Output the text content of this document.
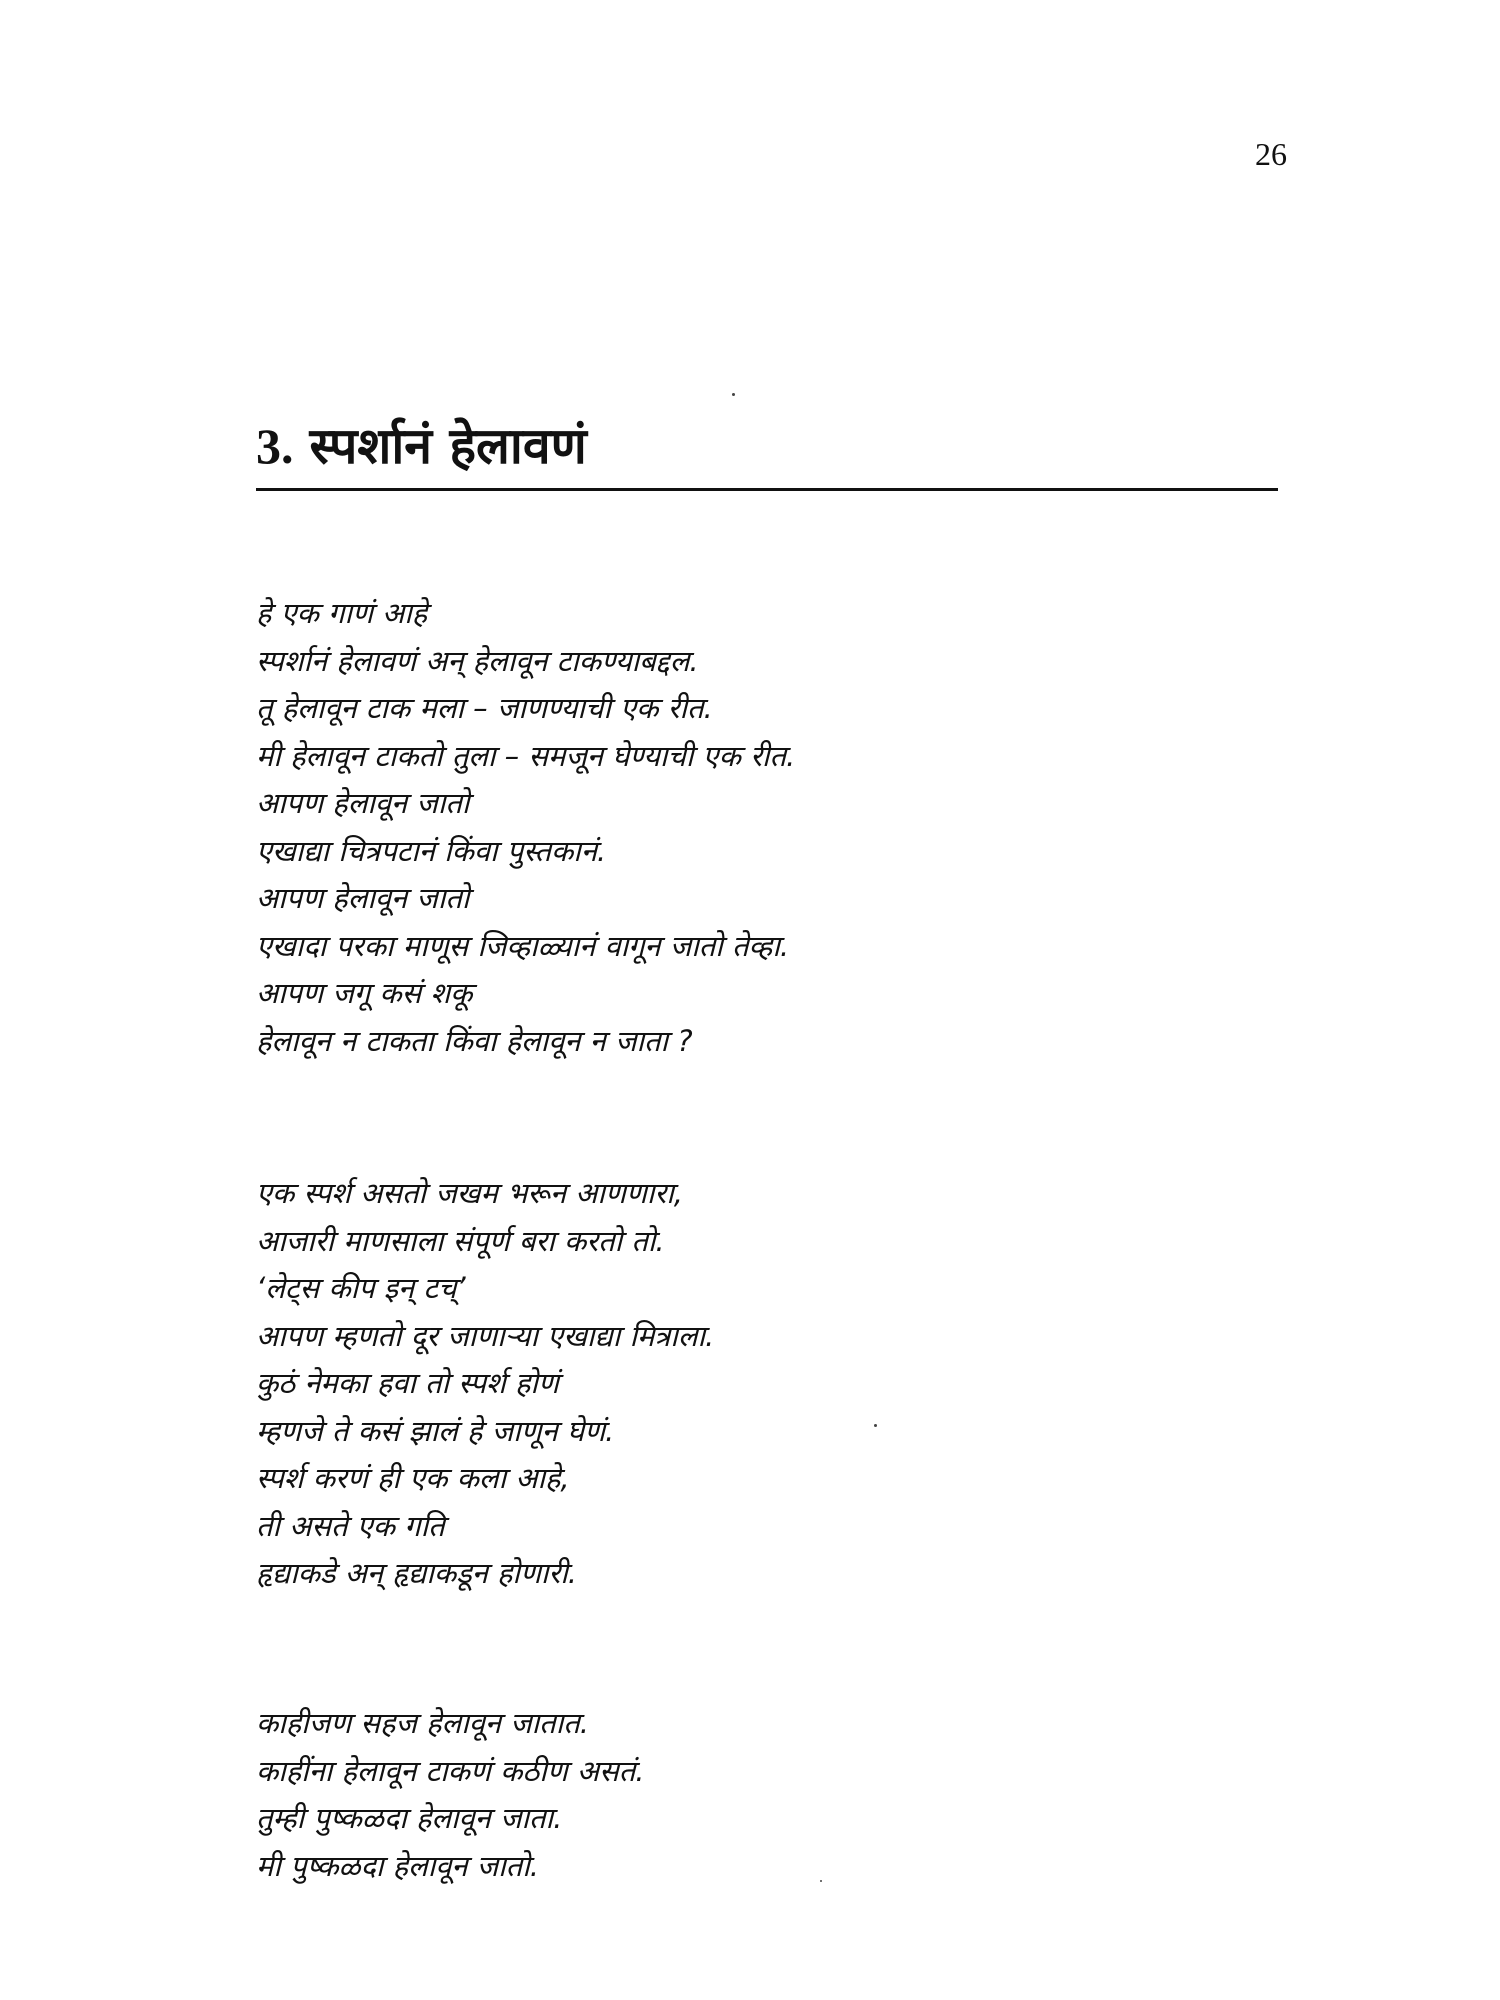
26
3. स्पर्शानं हेलावणं
हे एक गाणं आहे
स्पर्शानं हेलावणं अन् हेलावून टाकण्याबद्दल.
तू हेलावून टाक मला – जाणण्याची एक रीत.
मी हेलावून टाकतो तुला – समजून घेण्याची एक रीत.
आपण हेलावून जातो
एखाद्या चित्रपटानं किंवा पुस्तकानं.
आपण हेलावून जातो
एखादा परका माणूस जिव्हाळ्यानं वागून जातो तेव्हा.
आपण जगू कसं शकू
हेलावून न टाकता किंवा हेलावून न जाता ?
एक स्पर्श असतो जखम भरून आणणारा,
आजारी माणसाला संपूर्ण बरा करतो तो.
‘लेट्स कीप इन् टच्’
आपण म्हणतो दूर जाणाऱ्या एखाद्या मित्राला.
कुठं नेमका हवा तो स्पर्श होणं
म्हणजे ते कसं झालं हे जाणून घेणं.
स्पर्श करणं ही एक कला आहे,
ती असते एक गति
हृद्याकडे अन् हृद्याकडून होणारी.
काहीजण सहज हेलावून जातात.
काहींना हेलावून टाकणं कठीण असतं.
तुम्ही पुष्कळदा हेलावून जाता.
मी पुष्कळदा हेलावून जातो.
